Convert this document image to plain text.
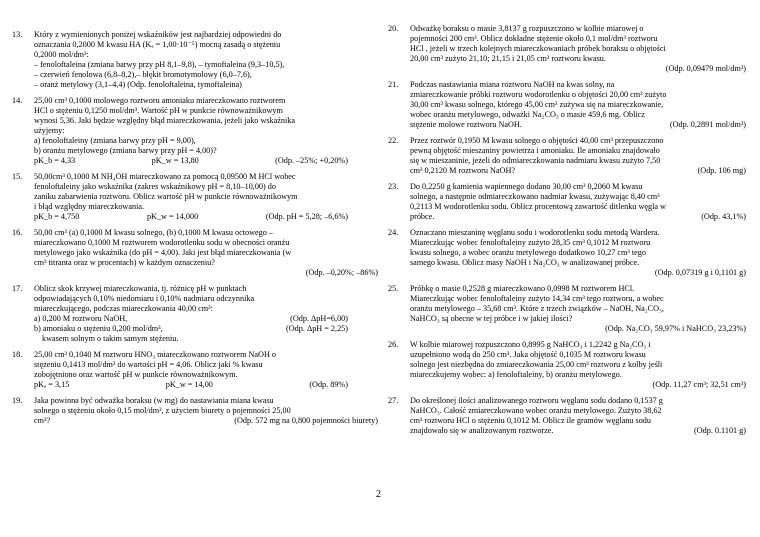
13.	Który z wymienionych poniżej wskaźników jest najbardziej odpowiedni do
oznaczania 0,2000 M kwasu HA (Kₐ = 1,00·10⁻⁵) mocną zasadą o stężeniu
0,2000 mol/dm³:
– fenoloftaleina (zmiana barwy przy pH 8,1–9,8), – tymoftaleina (9,3–10,5),
– czerwień fenolowa (6,8–8,2),– błękit bromotymolowy (6,0–7,6),
– oranż metylowy (3,1–4,4) (Odp. fenoloftaleina, tymoftaleina)
14.	25,00 cm³ 0,1000 molowego roztworu amoniaku miareczkowano roztworem
HCl o stężeniu 0,1250 mol/dm³. Wartość pH w punkcie równoważnikowym
wynosi 5,36. Jaki będzie względny błąd miareczkowania, jeżeli jako wskaźnika
użyjemy:
a) fenoloftaleiny (zmiana barwy przy pH = 9,00),
b) oranżu metylowego (zmiana barwy przy pH = 4,00)?
pK_b = 4,33	pK_w = 13,80	(Odp. –25%; +0,20%)
15.	50,00cm³ 0,1000 M NH₄OH miareczkowano za pomocą 0,09500 M HCl wobec
fenoloftaleiny jako wskaźnika (zakres wskaźnikowy pH = 8,10–10,00) do
zaniku zabarwienia roztworu. Oblicz wartość pH w punkcie równoważnikowym
i błąd względny miareczkowania.
pK_b = 4,750	pK_w = 14,000	(Odp. pH = 5,28; –6,6%)
16.	50,00 cm³ (a) 0,1000 M kwasu solnego, (b) 0,1000 M kwasu octowego –
miareczkowano 0,1000 M roztworem wodorotlenku sodu w obecności oranżu
metylowego jako wskaźnika (do pH = 4,00). Jaki jest błąd miareczkowania (w
cm³ titranta oraz w procentach) w każdym oznaczeniu?
(Odp. –0,20%; –86%)
17.	Oblicz skok krzywej miareczkowania, tj. różnicę pH w punktach
odpowiadających 0,10% niedomiaru i 0,10% nadmiaru odczynnika
miareczkującego, podczas miareczkowania 40,00 cm³:
a) 0,200 M roztworu NaOH,	(Odp. ΔpH=6,00)
b) amoniaku o stężeniu 0,200 mol/dm³,	(Odp. ΔpH = 2,25)
kwasem solnym o takim samym stężeniu.
18.	25,00 cm³ 0,1040 M roztworu HNO₃ miareczkowano roztworem NaOH o
stężeniu 0,1413 mol/dm³ do wartości pH = 4,06. Oblicz jaki % kwasu
zobojętniono oraz wartość pH w punkcie równoważnikowym.
pKₐ = 3,15	pK_w = 14,00	(Odp. 89%)
19.	Jaka powinna być odważka boraksu (w mg) do nastawiania miana kwasu
solnego o stężeniu około 0,15 mol/dm³, z użyciem biurety o pojemności 25,00
cm³?	(Odp. 572 mg na 0,800 pojemności biurety)
20.	Odważkę boraksu o masie 3,8137 g rozpuszczono w kolbie miarowej o
pojemności 200 cm³. Oblicz dokładne stężenie około 0,1 mol/dm³ roztworu
HCl , jeżeli w trzech kolejnych miareczkowaniach próbek boraksu o objętości
20,00 cm³ zużyto 21,10; 21,15 i 21,05 cm³ roztworu kwasu.
(Odp. 0,09479 mol/dm³)
21.	Podczas nastawiania miana roztworu NaOH na kwas solny, na
zmiareczkowanie próbki roztworu wodorotlenku o objętości 20,00 cm³ zużyto
30,00 cm³ kwasu solnego, którego 45,00 cm³ zużywa się na miareczkowanie,
wobec oranżu metylowego, odważki Na₂CO₃ o masie 459,6 mg. Oblicz
stężenie molowe roztworu NaOH.	(Odp. 0,2891 mol/dm³)
22.	Przez roztwór 0,1950 M kwasu solnego o objętości 40,00 cm³ przepuszczono
pewną objętość mieszaniny powietrza i amoniaku. Ile amoniaku znajdowało
się w mieszaninie, jeżeli do odmiareczkowania nadmiaru kwasu zużyto 7,50
cm³ 0,2120 M roztworu NaOH?	(Odp. 106 mg)
23.	Do 0,2250 g kamienia wapiennego dodano 30,00 cm³ 0,2060 M kwasu
solnego, a następnie odmiareczkowano nadmiar kwasu, zużywając 8,40 cm³
0,2113 M wodorotlenku sodu. Oblicz procentową zawartość ditlenku węgla w
próbce.	(Odp. 43,1%)
24.	Oznaczano mieszaninę węglanu sodu i wodorotlenku sodu metodą Wardera.
Miareczkując wobec fenoloftaleiny zużyto 28,35 cm³ 0,1012 M roztworu
kwasu solnego, a wobec oranżu metylowego dodatkowo 10,27 cm³ tego
samego kwasu. Oblicz masy NaOH i Na₂CO₃ w analizowanej próbce.
(Odp. 0,07319 g i 0,1101 g)
25.	Próbkę o masie 0,2528 g miareczkowano 0,0998 M roztworem HCl.
Miareczkując wobec fenoloftaleiny zużyto 14,34 cm³ tego roztworu, a wobec
oranżu metylowego – 35,68 cm³. Które z trzech związków – NaOH, Na₂CO₃,
NaHCO₃ są obecne w tej próbce i w jakiej ilości?
(Odp. Na₂CO₃ 59,97% i NaHCO₃ 23,23%)
26.	W kolbie miarowej rozpuszczono 0,8995 g NaHCO₃ i 1,2242 g Na₂CO₃ i
uzupełniono wodą do 250 cm³. Jaka objętość 0,1035 M roztworu kwasu
solnego jest niezbędna do zmiareczkowania 25,00 cm³ roztworu z kolby jeśli
miareczkujemy wobec: a) fenoloftaleiny, b) oranżu metylowego.
(Odp. 11,27 cm³; 32,51 cm³)
27.	Do określonej ilości analizowanego roztworu węglanu sodu dodano 0,1537 g
NaHCO₃. Całość zmiareczkowano wobec oranżu metylowego. Zużyto 38,62
cm³ roztworu HCl o stężeniu 0,1012 M. Oblicz ile gramów węglanu sodu
znajdowało się w analizowanym roztworze.	(Odp. 0.1101 g)
2
